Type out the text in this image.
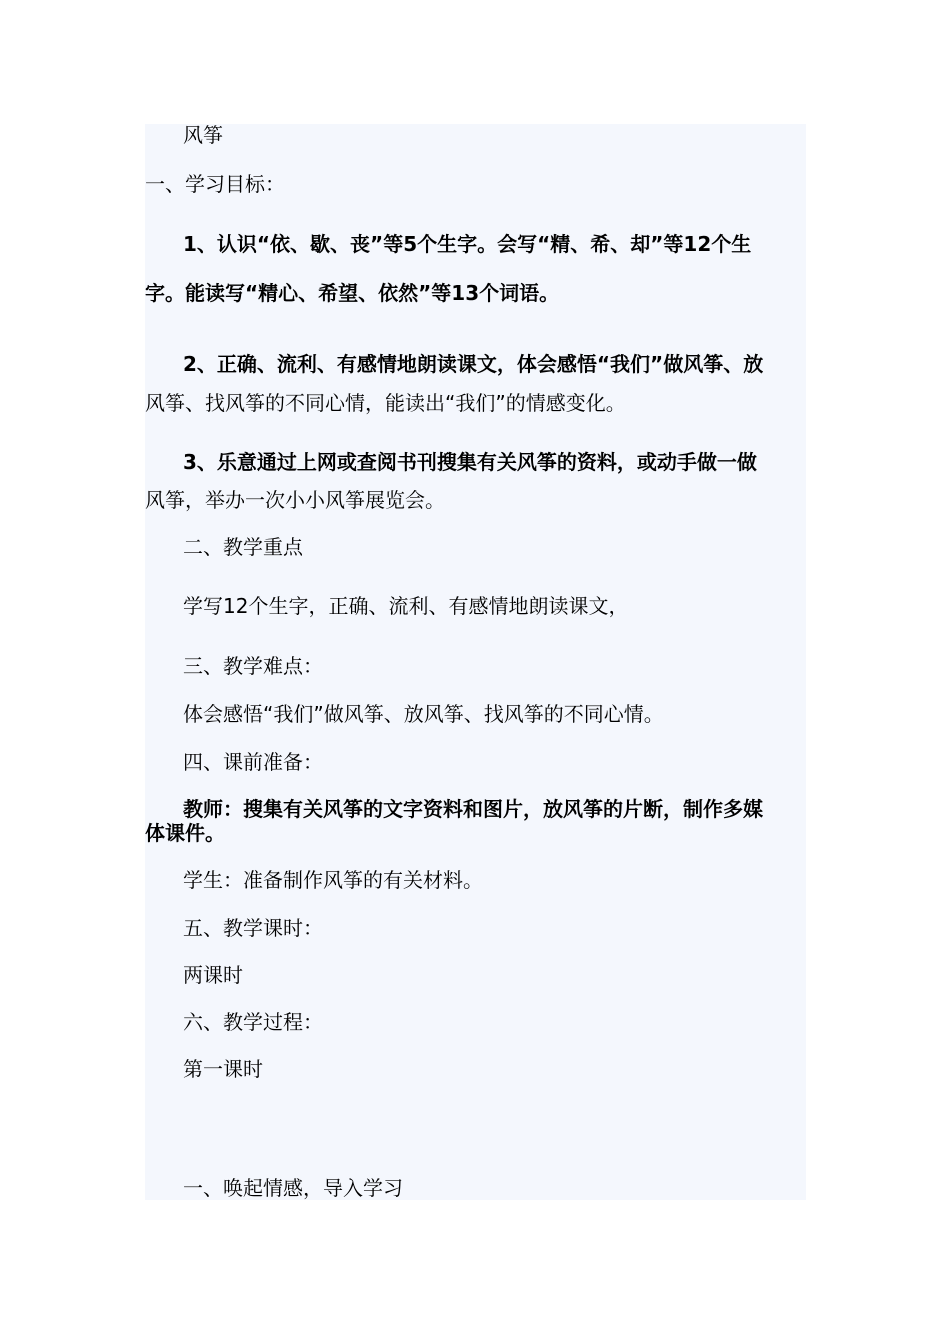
风筝

一、学习目标：

1、认识“依、歇、丧”等5个生字。会写“精、希、却”等12个生

字。能读写“精心、希望、依然”等13个词语。

2、正确、流利、有感情地朗读课文，体会感悟“我们”做风筝、放

风筝、找风筝的不同心情，能读出“我们”的情感变化。

3、乐意通过上网或查阅书刊搜集有关风筝的资料，或动手做一做

风筝，举办一次小小风筝展览会。

二、教学重点

学写12个生字，正确、流利、有感情地朗读课文，

三、教学难点：

体会感悟“我们”做风筝、放风筝、找风筝的不同心情。

四、课前准备：

教师：搜集有关风筝的文字资料和图片，放风筝的片断，制作多媒

体课件。

学生：准备制作风筝的有关材料。

五、教学课时：

两课时

六、教学过程：

第一课时

一、唤起情感，导入学习
